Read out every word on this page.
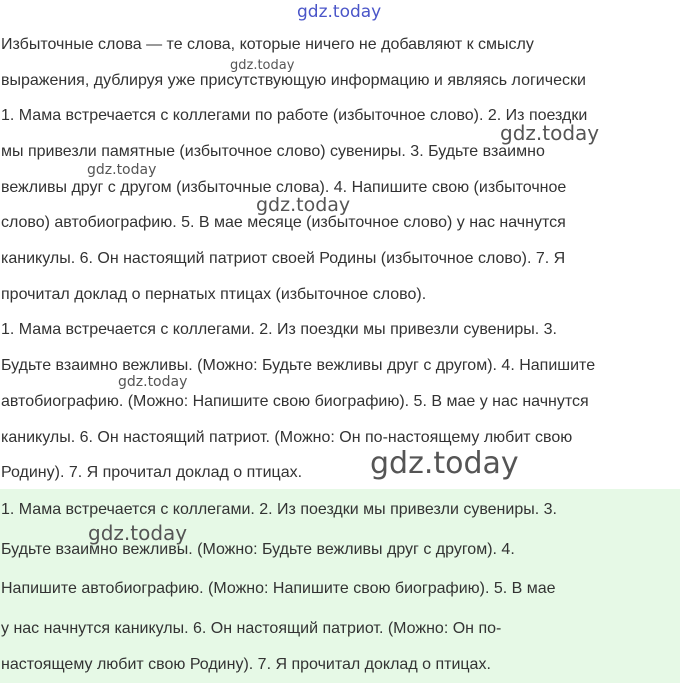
Избыточные слова — те слова, которые ничего не добавляют к смыслу

выражения, дублируя уже присутствующую информацию и являясь логически

1. Мама встречается с коллегами по работе (избыточное слово). 2. Из поездки

мы привезли памятные (избыточное слово) сувениры. 3. Будьте взаимно

вежливы друг с другом (избыточные слова). 4. Напишите свою (избыточное

слово) автобиографию. 5. В мае месяце (избыточное слово) у нас начнутся

каникулы. 6. Он настоящий патриот своей Родины (избыточное слово). 7. Я

прочитал доклад о пернатых птицах (избыточное слово).

1. Мама встречается с коллегами. 2. Из поездки мы привезли сувениры. 3.

Будьте взаимно вежливы. (Можно: Будьте вежливы друг с другом). 4. Напишите

автобиографию. (Можно: Напишите свою биографию). 5. В мае у нас начнутся

каникулы. 6. Он настоящий патриот. (Можно: Он по-настоящему любит свою

Родину). 7. Я прочитал доклад о птицах.

1. Мама встречается с коллегами. 2. Из поездки мы привезли сувениры. 3.

Будьте взаимно вежливы. (Можно: Будьте вежливы друг с другом). 4.

Напишите автобиографию. (Можно: Напишите свою биографию). 5. В мае

у нас начнутся каникулы. 6. Он настоящий патриот. (Можно: Он по-

настоящему любит свою Родину). 7. Я прочитал доклад о птицах.

gdz.today
gdz.today
gdz.today
gdz.today
gdz.today
gdz.today
gdz.today
gdz.today
